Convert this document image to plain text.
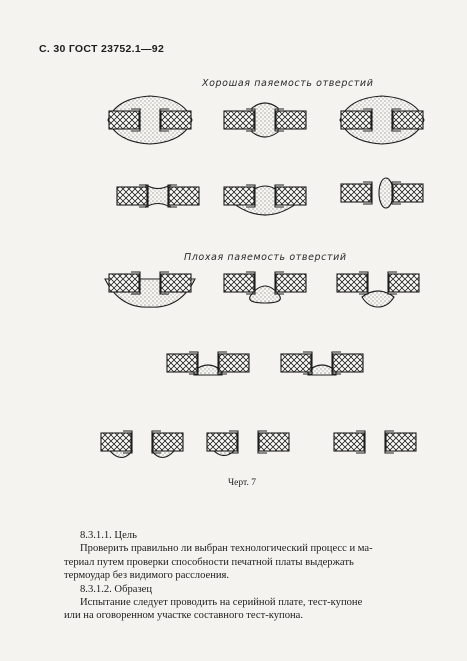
С. 30 ГОСТ 23752.1—92
Хорошая паяемость отверстий
Плохая паяемость отверстий
Черт. 7

8.3.1.1. Цель

Проверить правильно ли выбран технологический процесс и ма-

териал путем проверки способности печатной платы выдержать

термоудар без видимого расслоения.

8.3.1.2. Образец

Испытание следует проводить на серийной плате, тест-купоне

или на оговоренном участке составного тест-купона.
